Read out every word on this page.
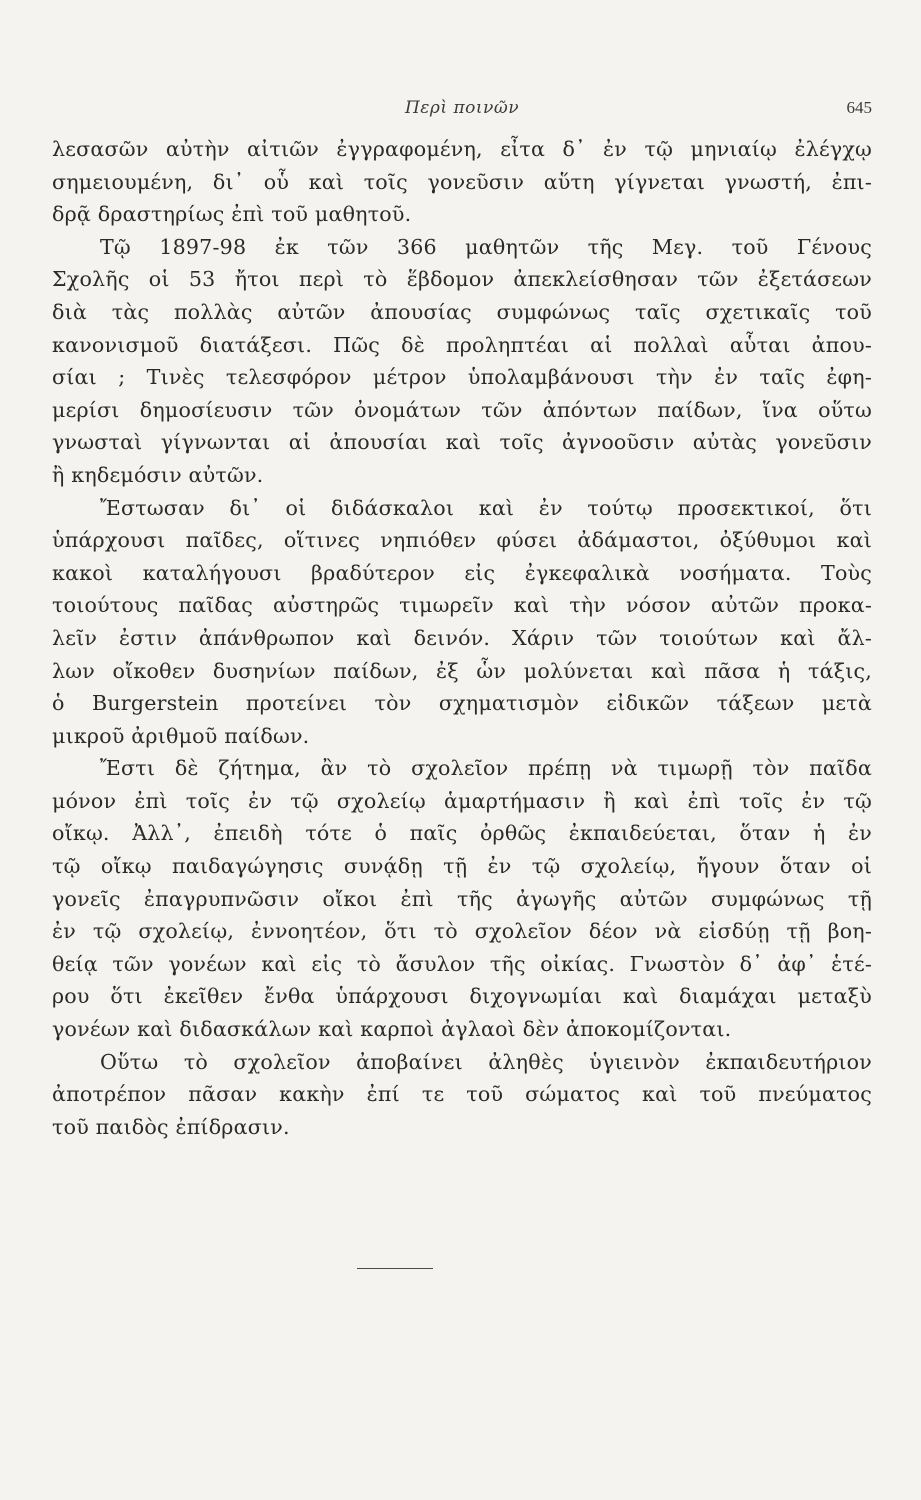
Περὶ ποινῶν	645
λεσασῶν αὐτὴν αἰτιῶν ἐγγραφομένη, εἶτα δ᾽ ἐν τῷ μηνιαίῳ ἐλέγχῳ
σημειουμένη, δι᾽ οὗ καὶ τοῖς γονεῦσιν αὕτη γίγνεται γνωστή, ἐπι-
δρᾷ δραστηρίως ἐπὶ τοῦ μαθητοῦ.
Τῷ 1897-98 ἐκ τῶν 366 μαθητῶν τῆς Μεγ. τοῦ Γένους
Σχολῆς οἱ 53 ἤτοι περὶ τὸ ἕβδομον ἀπεκλείσθησαν τῶν ἐξετάσεων
διὰ τὰς πολλὰς αὐτῶν ἀπουσίας συμφώνως ταῖς σχετικαῖς τοῦ
κανονισμοῦ διατάξεσι. Πῶς δὲ προληπτέαι αἱ πολλαὶ αὗται ἀπου-
σίαι ; Τινὲς τελεσφόρον μέτρον ὑπολαμβάνουσι τὴν ἐν ταῖς ἐφη-
μερίσι δημοσίευσιν τῶν ὀνομάτων τῶν ἀπόντων παίδων, ἵνα οὕτω
γνωσταὶ γίγνωνται αἱ ἀπουσίαι καὶ τοῖς ἀγνοοῦσιν αὐτὰς γονεῦσιν
ἢ κηδεμόσιν αὐτῶν.
Ἔστωσαν δι᾽ οἱ διδάσκαλοι καὶ ἐν τούτῳ προσεκτικοί, ὅτι
ὑπάρχουσι παῖδες, οἵτινες νηπιόθεν φύσει ἀδάμαστοι, ὀξύθυμοι καὶ
κακοὶ καταλήγουσι βραδύτερον εἰς ἐγκεφαλικὰ νοσήματα. Τοὺς
τοιούτους παῖδας αὐστηρῶς τιμωρεῖν καὶ τὴν νόσον αὐτῶν προκα-
λεῖν ἐστιν ἀπάνθρωπον καὶ δεινόν. Χάριν τῶν τοιούτων καὶ ἄλ-
λων οἴκοθεν δυσηνίων παίδων, ἐξ ὧν μολύνεται καὶ πᾶσα ἡ τάξις,
ὁ Burgerstein προτείνει τὸν σχηματισμὸν εἰδικῶν τάξεων μετὰ
μικροῦ ἀριθμοῦ παίδων.
Ἔστι δὲ ζήτημα, ἂν τὸ σχολεῖον πρέπῃ νὰ τιμωρῇ τὸν παῖδα
μόνον ἐπὶ τοῖς ἐν τῷ σχολείῳ ἁμαρτήμασιν ἢ καὶ ἐπὶ τοῖς ἐν τῷ
οἴκῳ. Ἀλλ᾽, ἐπειδὴ τότε ὁ παῖς ὀρθῶς ἐκπαιδεύεται, ὅταν ἡ ἐν
τῷ οἴκῳ παιδαγώγησις συνᾴδῃ τῇ ἐν τῷ σχολείῳ, ἤγουν ὅταν οἱ
γονεῖς ἐπαγρυπνῶσιν οἴκοι ἐπὶ τῆς ἀγωγῆς αὐτῶν συμφώνως τῇ
ἐν τῷ σχολείῳ, ἐννοητέον, ὅτι τὸ σχολεῖον δέον νὰ εἰσδύῃ τῇ βοη-
θείᾳ τῶν γονέων καὶ εἰς τὸ ἄσυλον τῆς οἰκίας. Γνωστὸν δ᾽ ἀφ᾽ ἑτέ-
ρου ὅτι ἐκεῖθεν ἔνθα ὑπάρχουσι διχογνωμίαι καὶ διαμάχαι μεταξὺ
γονέων καὶ διδασκάλων καὶ καρποὶ ἀγλαοὶ δὲν ἀποκομίζονται.
Οὕτω τὸ σχολεῖον ἀποβαίνει ἀληθὲς ὑγιεινὸν ἐκπαιδευτήριον
ἀποτρέπον πᾶσαν κακὴν ἐπί τε τοῦ σώματος καὶ τοῦ πνεύματος
τοῦ παιδὸς ἐπίδρασιν.
